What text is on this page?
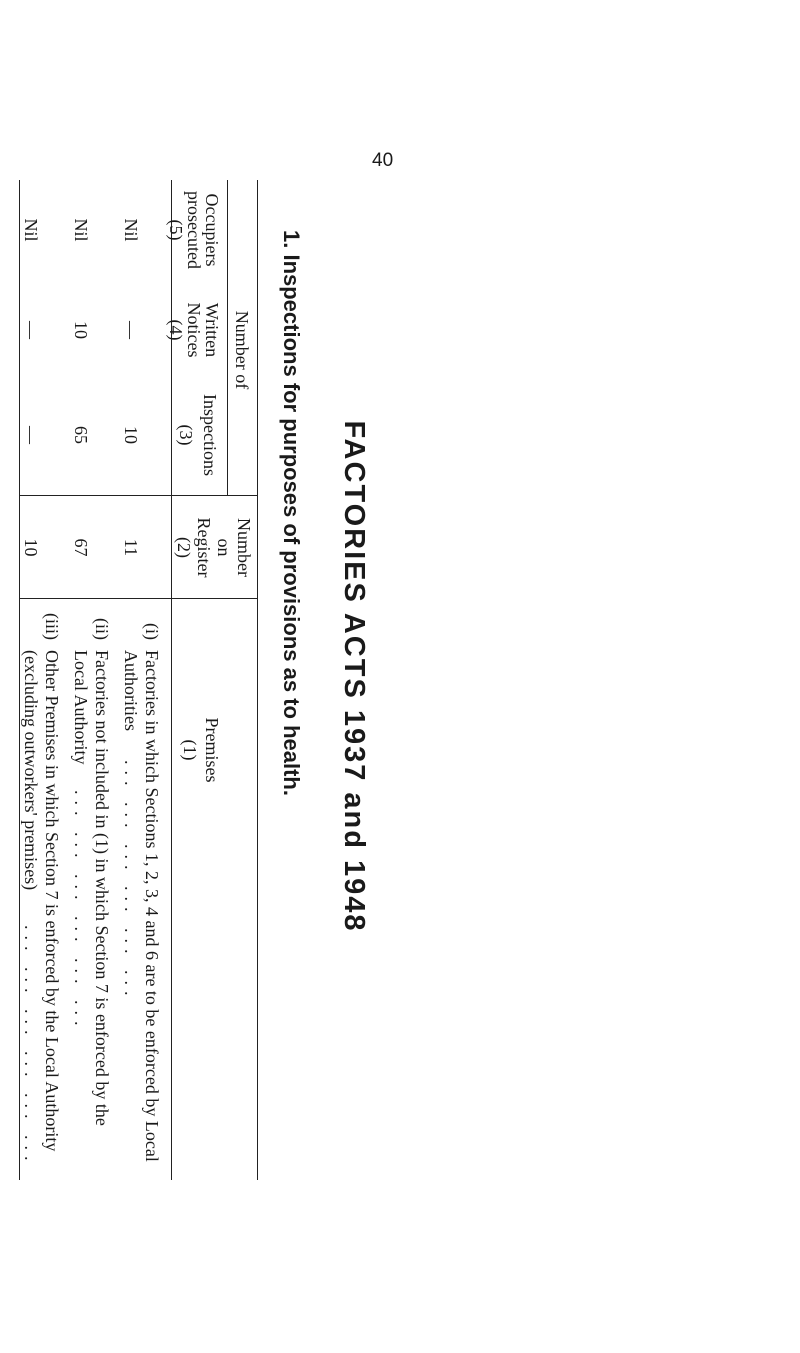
40
FACTORIES ACTS 1937 and 1948
1. Inspections for purposes of provisions as to health.
Premises
(1)
Number
on
Register
(2)
Number of
Inspections
(3)
Written
Notices
(4)
Occupiers
prosecuted
(5)
(i)
Factories in which Sections 1, 2, 3, 4 and 6 are to be enforced by Local
Authorities
... ... ... ... ... ...
11
10
—
Nil
(ii)
Factories not included in (1) in which Section 7 is enforced by the
Local Authority
... ... ... ... ... ...
67
65
10
Nil
(iii)
Other Premises in which Section 7 is enforced by the Local Authority
(excluding outworkers' premises)
... ... ... ... ... ...
10
—
—
Nil
